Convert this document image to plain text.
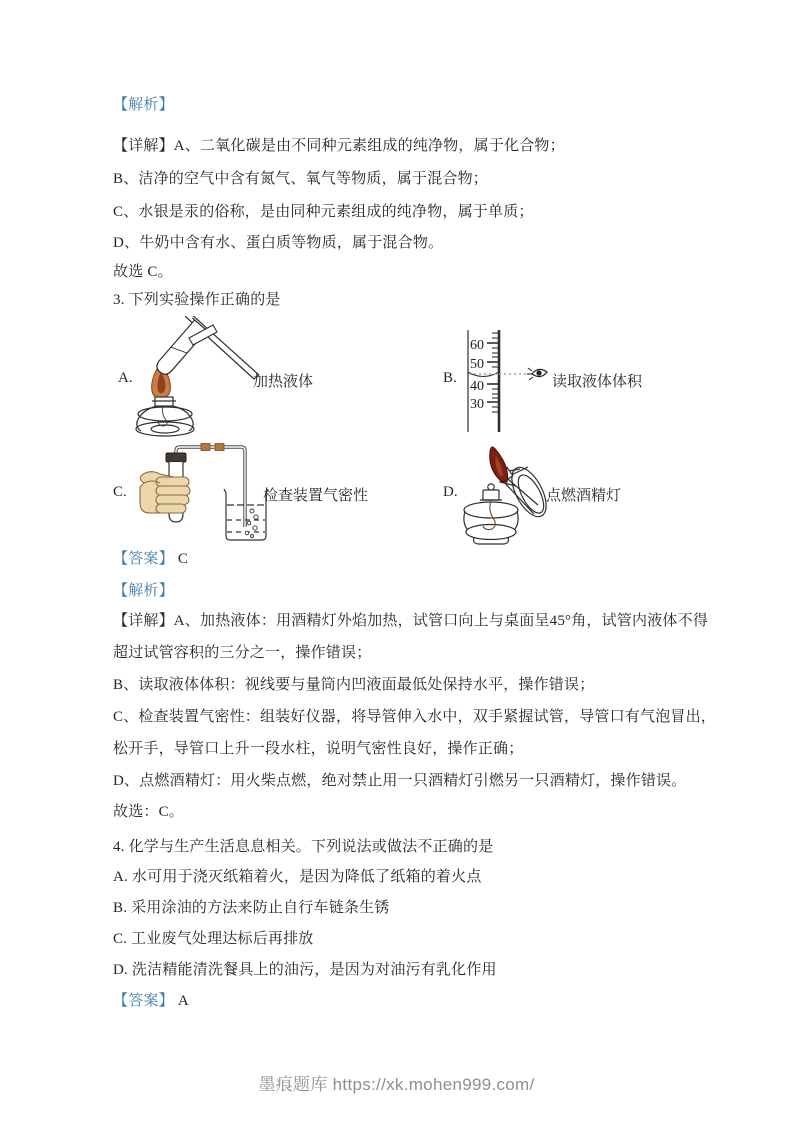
【解析】
【详解】A、二氧化碳是由不同种元素组成的纯净物，属于化合物；
B、洁净的空气中含有氮气、氧气等物质，属于混合物；
C、水银是汞的俗称，是由同种元素组成的纯净物，属于单质；
D、牛奶中含有水、蛋白质等物质，属于混合物。
故选 C。
3. 下列实验操作正确的是
A.	加热液体	B.
60
50
40
30
读取液体体积
C.	检查装置气密性	D.	点燃酒精灯
【答案】 C
【解析】
【详解】A、加热液体：用酒精灯外焰加热，试管口向上与桌面呈45°角，试管内液体不得
超过试管容积的三分之一，操作错误；
B、读取液体体积：视线要与量筒内凹液面最低处保持水平，操作错误；
C、检查装置气密性：组装好仪器，将导管伸入水中，双手紧握试管，导管口有气泡冒出，
松开手，导管口上升一段水柱，说明气密性良好，操作正确；
D、点燃酒精灯：用火柴点燃，绝对禁止用一只酒精灯引燃另一只酒精灯，操作错误。
故选：C。
4. 化学与生产生活息息相关。下列说法或做法不正确的是
A. 水可用于浇灭纸箱着火，是因为降低了纸箱的着火点
B. 采用涂油的方法来防止自行车链条生锈
C. 工业废气处理达标后再排放
D. 洗洁精能清洗餐具上的油污，是因为对油污有乳化作用
【答案】 A
墨痕题库 https://xk.mohen999.com/
